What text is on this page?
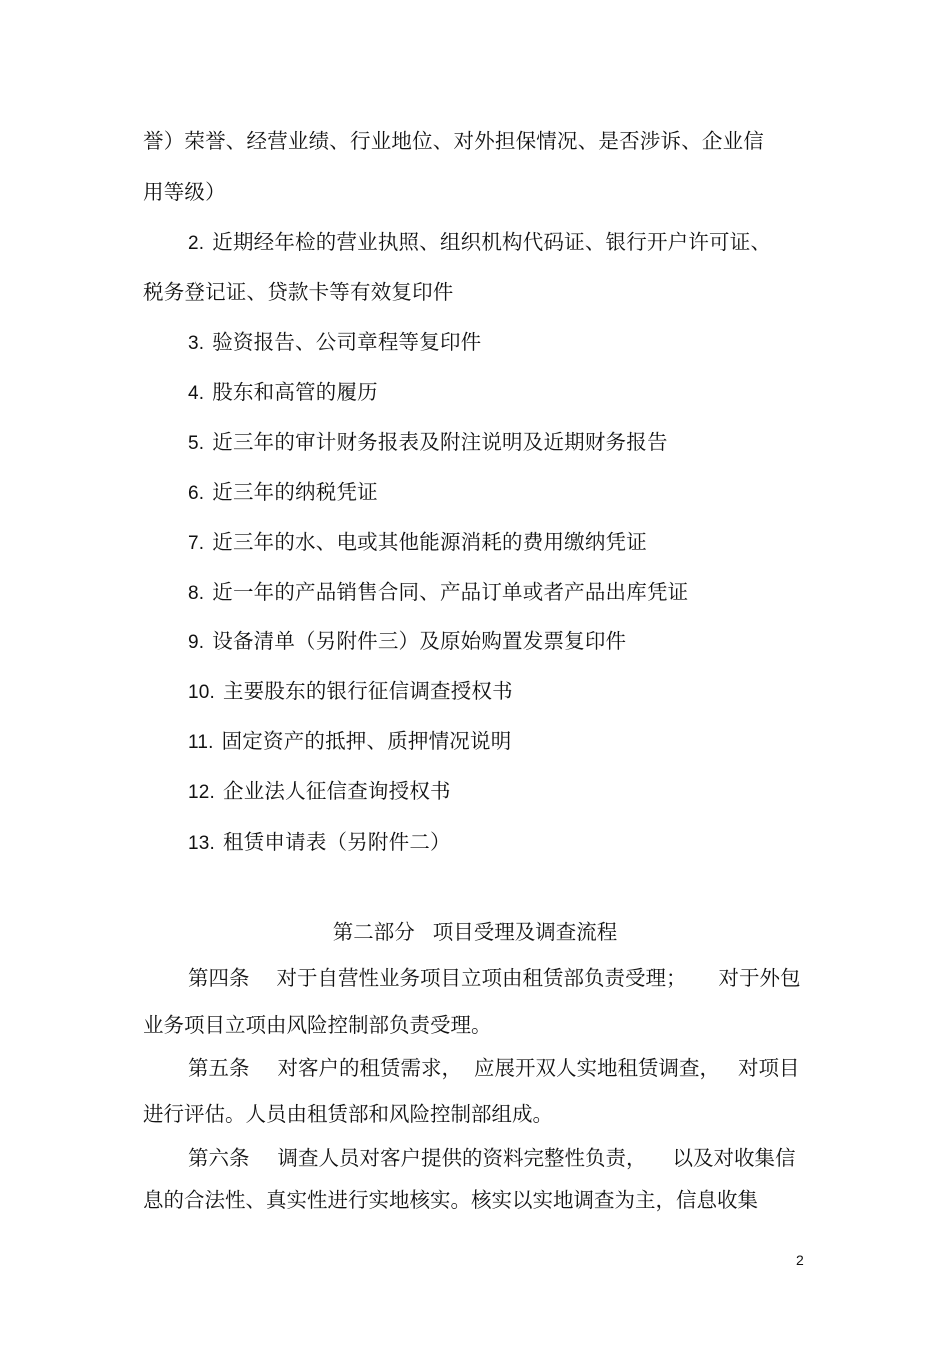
誉）荣誉、经营业绩、行业地位、对外担保情况、是否涉诉、企业信
用等级）
2. 近期经年检的营业执照、组织机构代码证、银行开户许可证、
税务登记证、贷款卡等有效复印件
3. 验资报告、公司章程等复印件
4. 股东和高管的履历
5. 近三年的审计财务报表及附注说明及近期财务报告
6. 近三年的纳税凭证
7. 近三年的水、电或其他能源消耗的费用缴纳凭证
8. 近一年的产品销售合同、产品订单或者产品出库凭证
9. 设备清单（另附件三）及原始购置发票复印件
10. 主要股东的银行征信调查授权书
11. 固定资产的抵押、质押情况说明
12. 企业法人征信查询授权书
13. 租赁申请表（另附件二）
第二部分 项目受理及调查流程
第四条 对于自营性业务项目立项由租赁部负责受理； 对于外包
业务项目立项由风险控制部负责受理。
第五条 对客户的租赁需求， 应展开双人实地租赁调查， 对项目
进行评估。人员由租赁部和风险控制部组成。
第六条 调查人员对客户提供的资料完整性负责， 以及对收集信
息的合法性、真实性进行实地核实。核实以实地调查为主，信息收集
2
